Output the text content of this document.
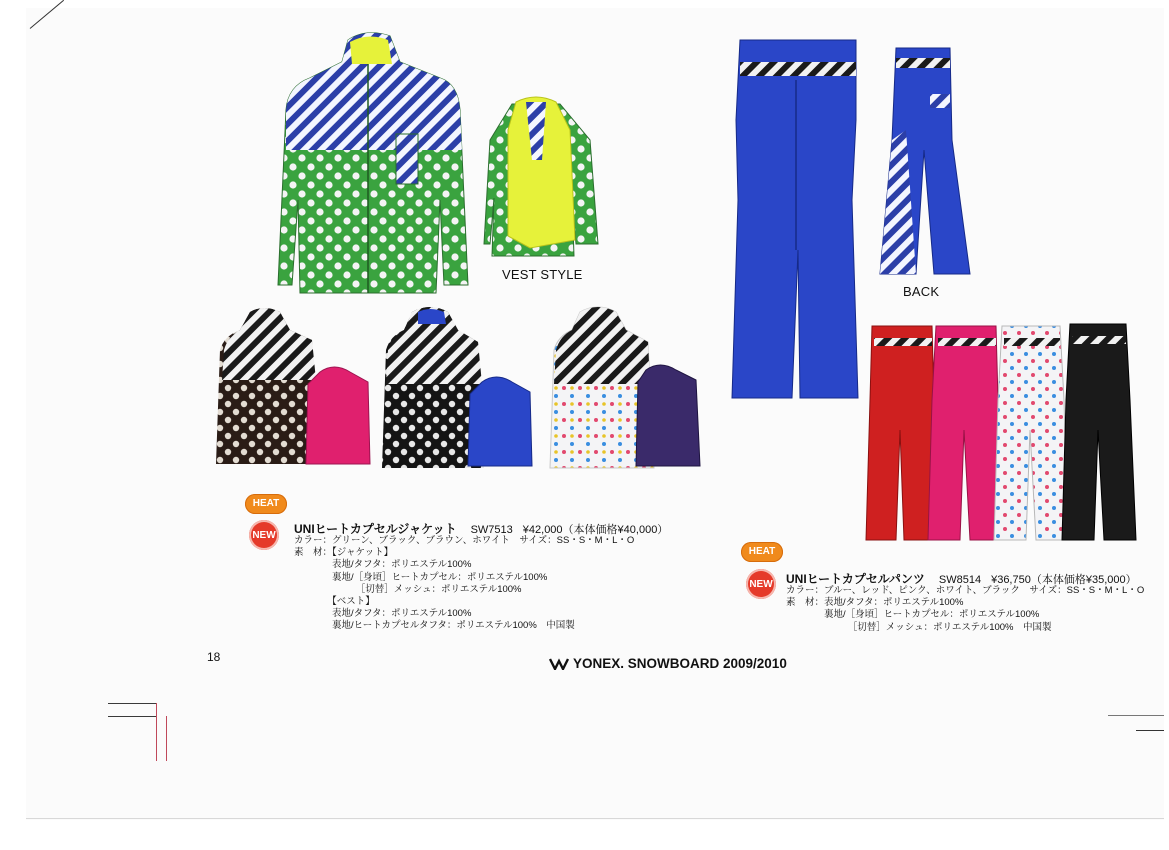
VEST STYLE
BACK
HEAT
NEW UNIヒートカプセルジャケット SW7513 ¥42,000（本体価格¥40,000）
カラー：グリーン、ブラック、ブラウン、ホワイト　サイズ：SS・S・M・L・O
素　材：【ジャケット】
　　　　表地/タフタ：ポリエステル100%
　　　　裏地/［身頃］ヒートカプセル：ポリエステル100%
　　　　　　　［切替］メッシュ：ポリエステル100%
　　　　【ベスト】
　　　　表地/タフタ：ポリエステル100%
　　　　裏地/ヒートカプセルタフタ：ポリエステル100%　中国製
HEAT
NEW UNIヒートカプセルパンツ SW8514 ¥36,750（本体価格¥35,000）
カラー：ブルー、レッド、ピンク、ホワイト、ブラック　サイズ：SS・S・M・L・O
素　材：表地/タフタ：ポリエステル100%
　　　　裏地/［身頃］ヒートカプセル：ポリエステル100%
　　　　　　　［切替］メッシュ：ポリエステル100%　中国製
18	YONEX. SNOWBOARD 2009/2010
